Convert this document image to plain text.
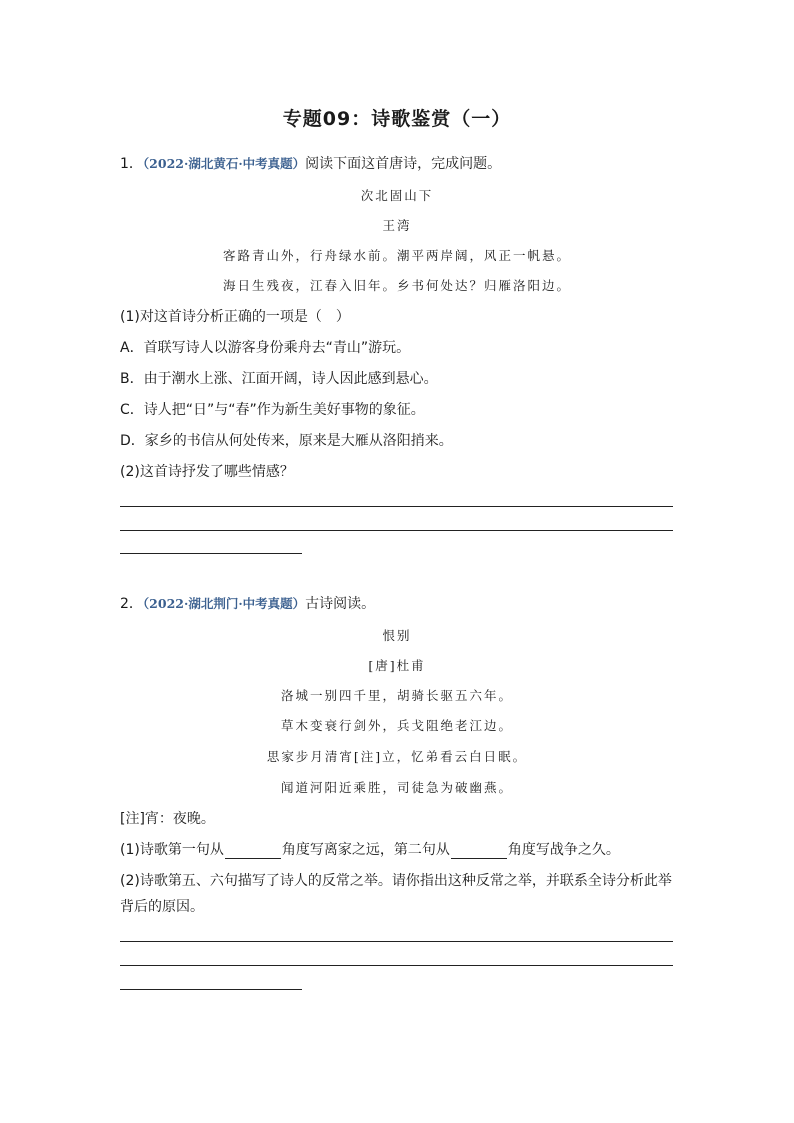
专题09：诗歌鉴赏（一）
1．（2022·湖北黄石·中考真题）阅读下面这首唐诗，完成问题。
次北固山下
王湾
客路青山外，行舟绿水前。潮平两岸阔，风正一帆悬。
海日生残夜，江春入旧年。乡书何处达？归雁洛阳边。
(1)对这首诗分析正确的一项是（　）
A．首联写诗人以游客身份乘舟去“青山”游玩。
B．由于潮水上涨、江面开阔，诗人因此感到悬心。
C．诗人把“日”与“春”作为新生美好事物的象征。
D．家乡的书信从何处传来，原来是大雁从洛阳捎来。
(2)这首诗抒发了哪些情感？
2．（2022·湖北荆门·中考真题）古诗阅读。
恨别
[唐]杜甫
洛城一别四千里，胡骑长驱五六年。
草木变衰行剑外，兵戈阻绝老江边。
思家步月清宵[注]立，忆弟看云白日眠。
闻道河阳近乘胜，司徒急为破幽燕。
[注]宵：夜晚。
(1)诗歌第一句从	角度写离家之远，第二句从	角度写战争之久。
(2)诗歌第五、六句描写了诗人的反常之举。请你指出这种反常之举，并联系全诗分析此举
背后的原因。
